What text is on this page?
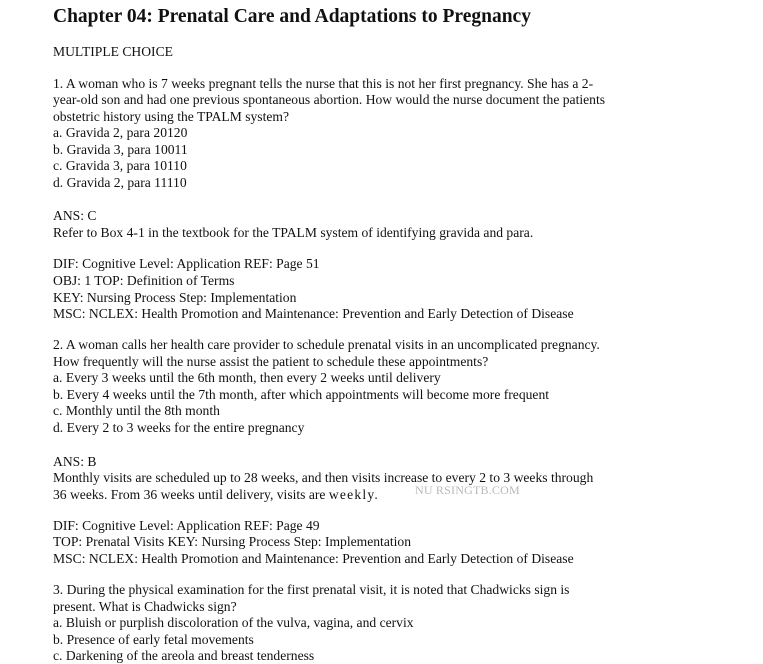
Chapter 04: Prenatal Care and Adaptations to Pregnancy
MULTIPLE CHOICE
1. A woman who is 7 weeks pregnant tells the nurse that this is not her first pregnancy. She has a 2-
year-old son and had one previous spontaneous abortion. How would the nurse document the patients
obstetric history using the TPALM system?
a. Gravida 2, para 20120
b. Gravida 3, para 10011
c. Gravida 3, para 10110
d. Gravida 2, para 11110
ANS: C
Refer to Box 4-1 in the textbook for the TPALM system of identifying gravida and para.
DIF: Cognitive Level: Application REF: Page 51
OBJ: 1 TOP: Definition of Terms
KEY: Nursing Process Step: Implementation
MSC: NCLEX: Health Promotion and Maintenance: Prevention and Early Detection of Disease
2. A woman calls her health care provider to schedule prenatal visits in an uncomplicated pregnancy.
How frequently will the nurse assist the patient to schedule these appointments?
a. Every 3 weeks until the 6th month, then every 2 weeks until delivery
b. Every 4 weeks until the 7th month, after which appointments will become more frequent
c. Monthly until the 8th month
d. Every 2 to 3 weeks for the entire pregnancy
ANS: B
Monthly visits are scheduled up to 28 weeks, and then visits increase to every 2 to 3 weeks through
36 weeks. From 36 weeks until delivery, visits are weekly.	NU RSINGTB.COM
DIF: Cognitive Level: Application REF: Page 49
TOP: Prenatal Visits KEY: Nursing Process Step: Implementation
MSC: NCLEX: Health Promotion and Maintenance: Prevention and Early Detection of Disease
3. During the physical examination for the first prenatal visit, it is noted that Chadwicks sign is
present. What is Chadwicks sign?
a. Bluish or purplish discoloration of the vulva, vagina, and cervix
b. Presence of early fetal movements
c. Darkening of the areola and breast tenderness
